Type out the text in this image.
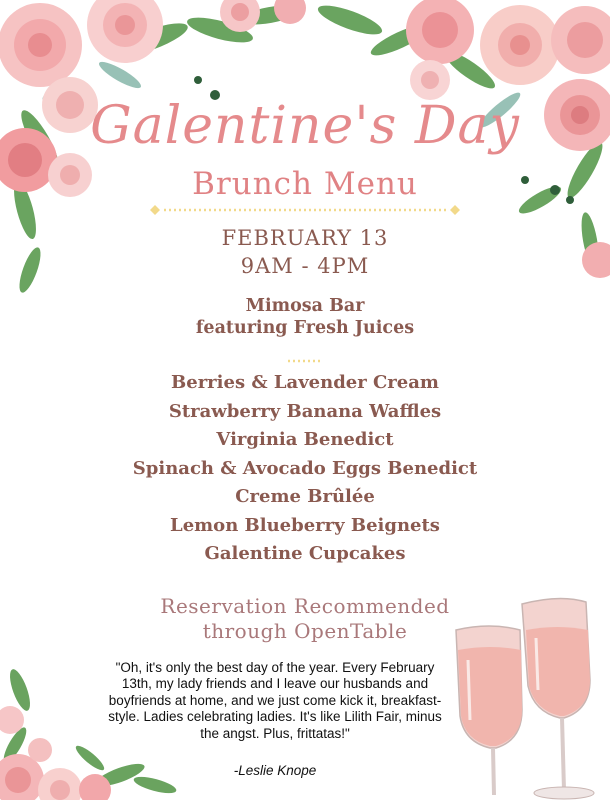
Galentine's Day
Brunch Menu
FEBRUARY 13
9AM - 4PM
Mimosa Bar
featuring Fresh Juices
Berries & Lavender Cream
Strawberry Banana Waffles
Virginia Benedict
Spinach & Avocado Eggs Benedict
Creme Brûlée
Lemon Blueberry Beignets
Galentine Cupcakes
Reservation Recommended
through OpenTable
"Oh, it's only the best day of the year. Every February 13th, my lady friends and I leave our husbands and boyfriends at home, and we just come kick it, breakfast-style. Ladies celebrating ladies. It's like Lilith Fair, minus the angst. Plus, frittatas!"
-Leslie Knope
